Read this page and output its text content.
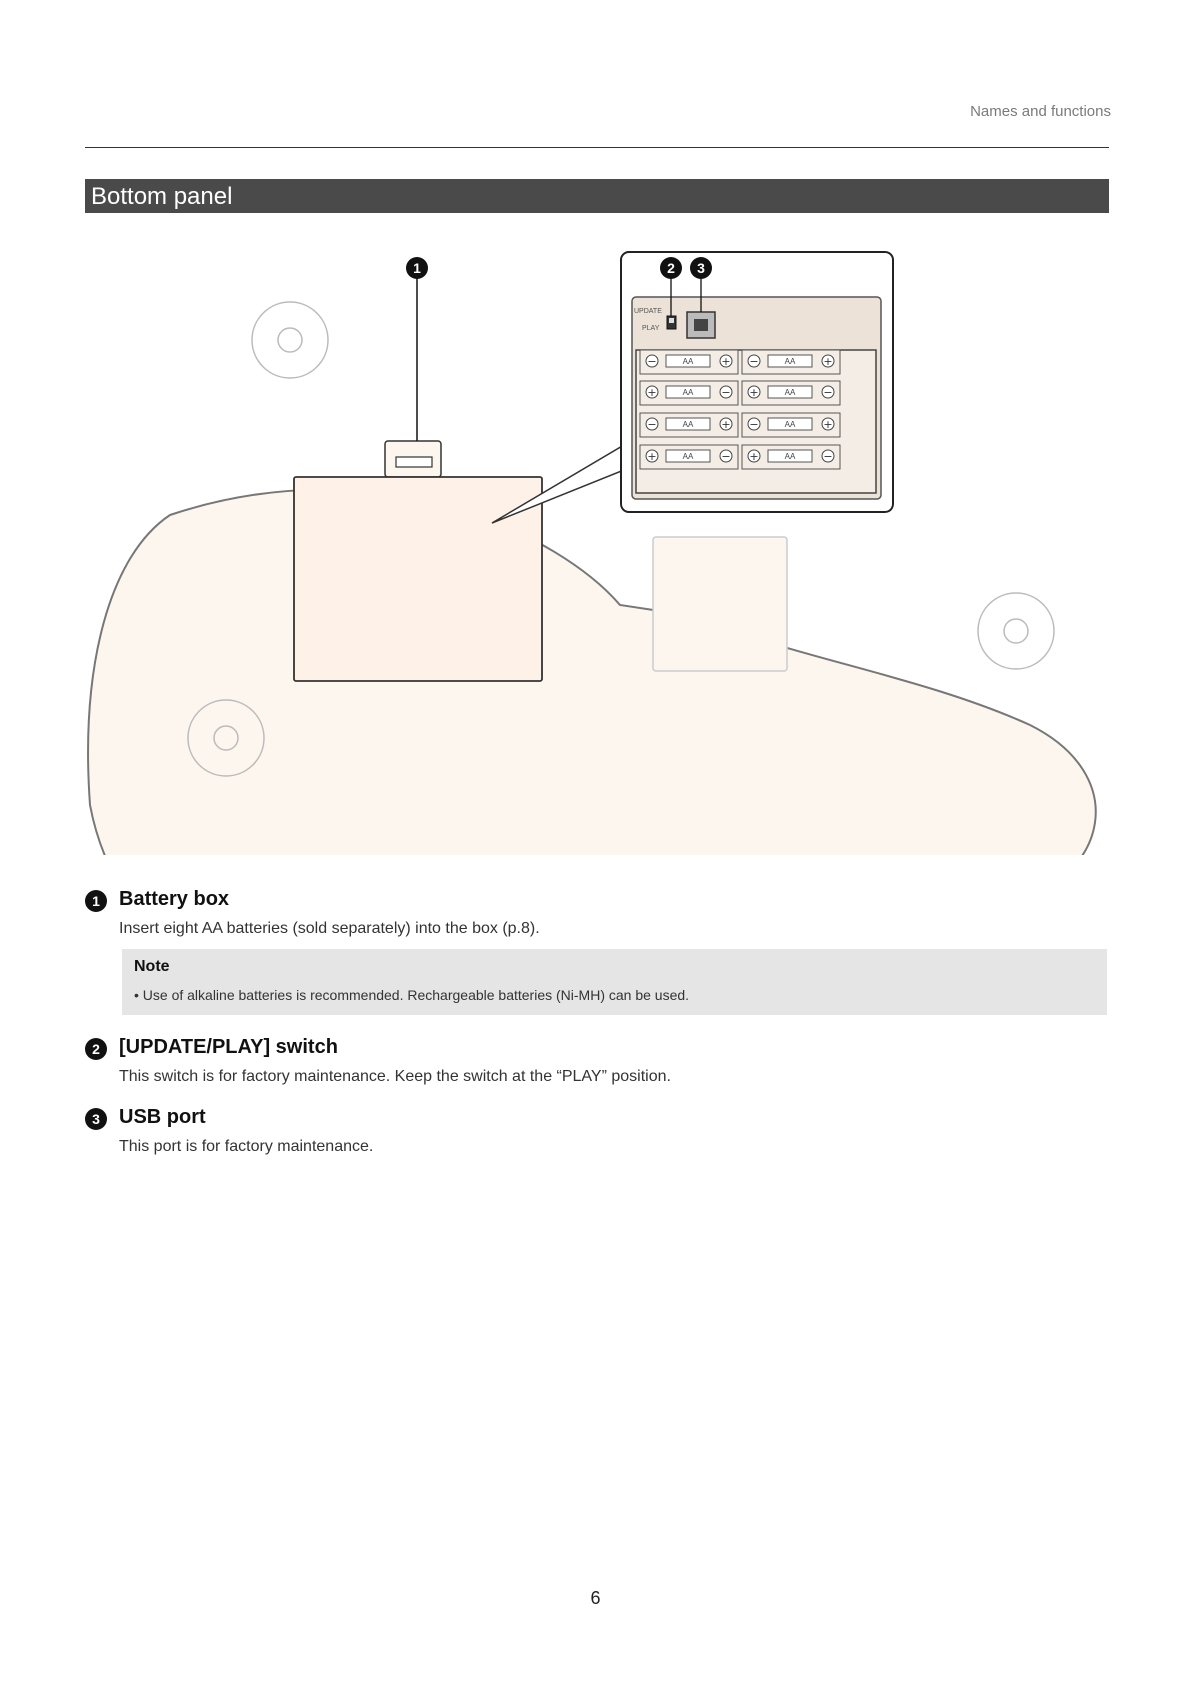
Names and functions
Bottom panel
1
UPDATE
PLAY
2 3
AA
−	+	AA
−	+
AA
+	−	AA
+	−
AA
−	+	AA
−	+
AA
+	−	AA
+	−
1 Battery box
Insert eight AA batteries (sold separately) into the box (p.8).
Note
• Use of alkaline batteries is recommended. Rechargeable batteries (Ni-MH) can be used.
2 [UPDATE/PLAY] switch
This switch is for factory maintenance. Keep the switch at the “PLAY” position.
3 USB port
This port is for factory maintenance.
6
